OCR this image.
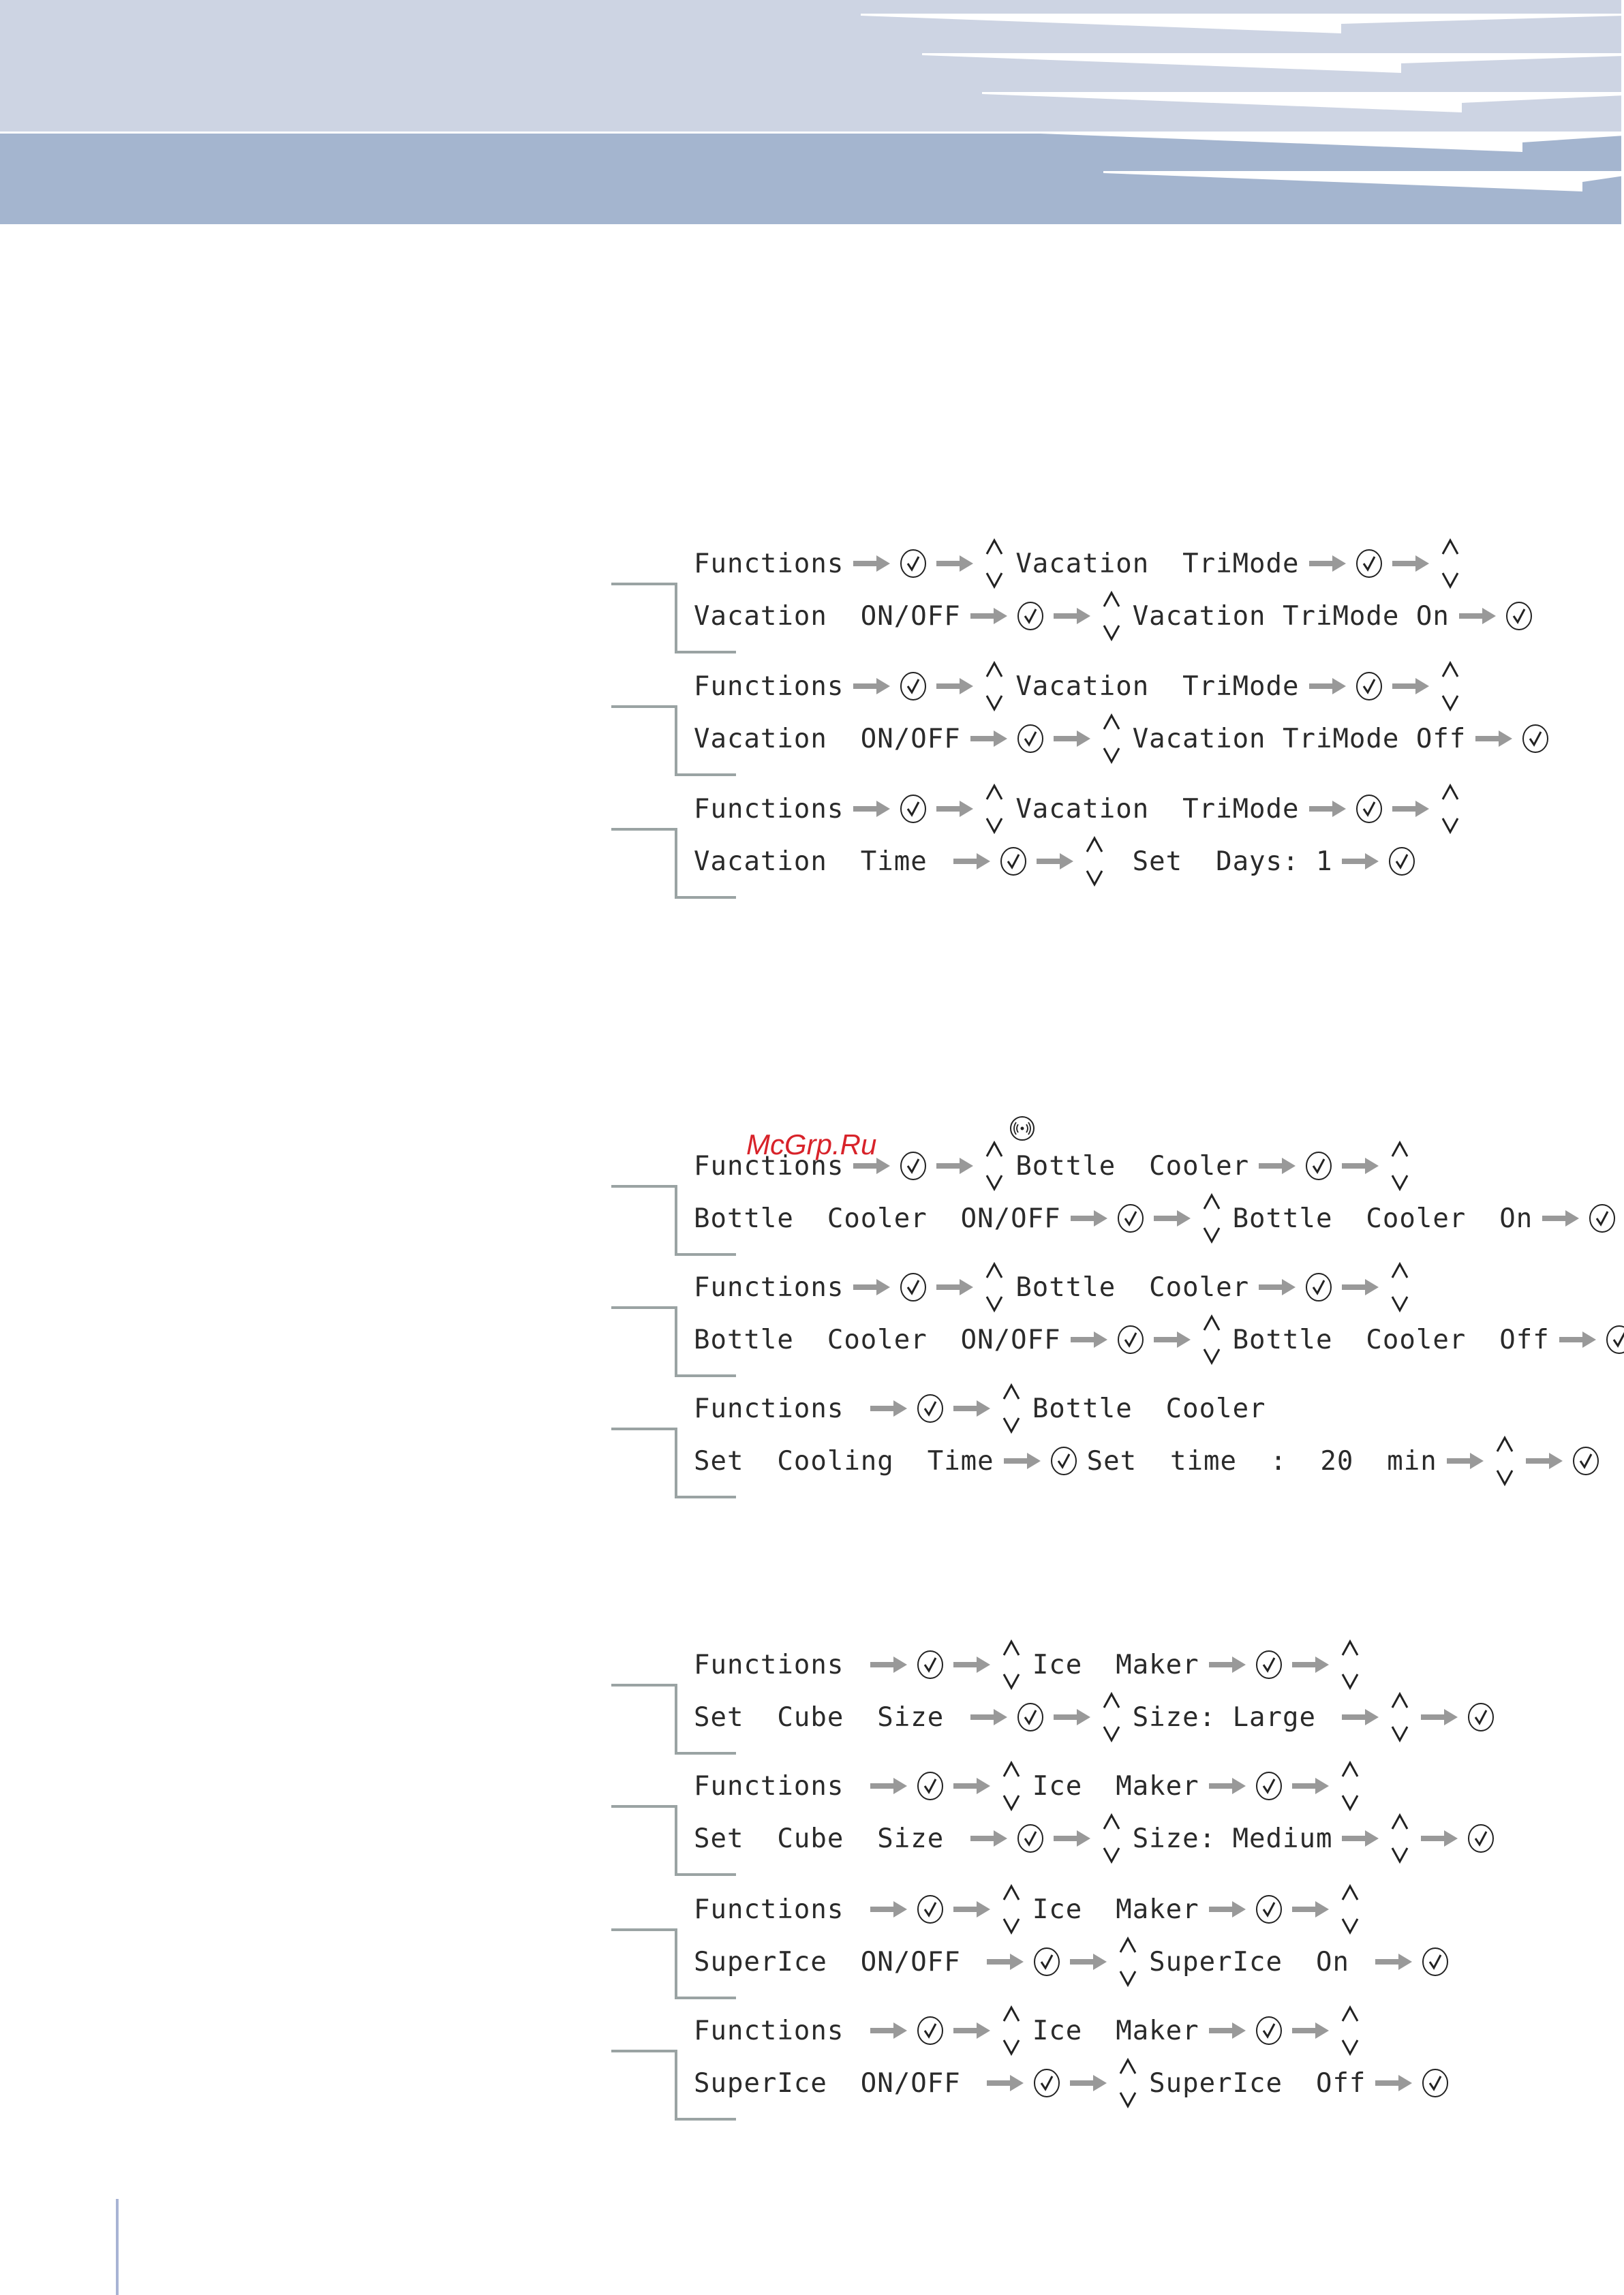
McGrp.Ru
Functions	Vacation  TriMode
Vacation  ON/OFF	Vacation TriMode On
Functions	Vacation  TriMode
Vacation  ON/OFF	Vacation TriMode Off
Functions	Vacation  TriMode
Vacation  Time	Set  Days: 1
Functions	Bottle  Cooler
Bottle  Cooler  ON/OFF	Bottle  Cooler  On
Functions	Bottle  Cooler
Bottle  Cooler  ON/OFF	Bottle  Cooler  Off
Functions	Bottle  Cooler
Set  Cooling  Time	Set  time  :  20  min
Functions	Ice  Maker
Set  Cube  Size	Size: Large
Functions	Ice  Maker
Set  Cube  Size	Size: Medium
Functions	Ice  Maker
SuperIce  ON/OFF	SuperIce  On
Functions	Ice  Maker
SuperIce  ON/OFF	SuperIce  Off
